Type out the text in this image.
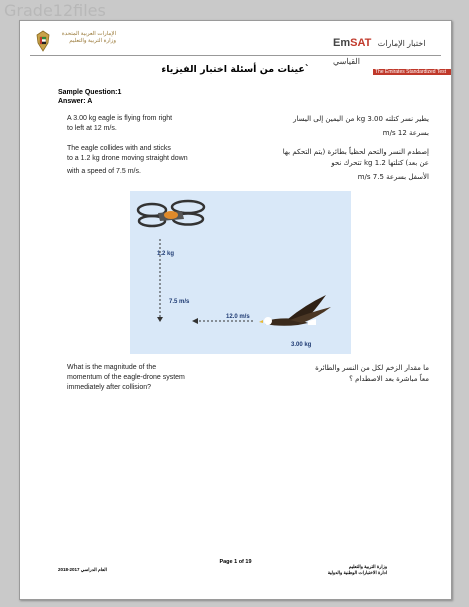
Grade12files
الإمارات العربية المتحدة
وزارة التربية والتعليم	EmSAT اختبار الإمارات القياسي
The Emirates Standardized Test
`عينات من أسئلة اختبار الفيزياء
Sample Question:1
Answer: A
A 3.00 kg eagle is flying from right
to left at 12 m/s.
The eagle collides with and sticks
to a 1.2 kg drone moving straight down
with a speed of 7.5 m/s.
يطير نسر كتلته 3.00 kg من اليمين إلى اليسار
بسرعة 12 m/s
إصطدم النسر والتحم لحظياً بطائرة (يتم التحكم بها
عن بعد) كتلتها 1.2 kg تتحرك نحو
الأسفل بسرعة 7.5 m/s
1.2 kg
7.5 m/s
12.0 m/s
3.00 kg
What is the magnitude of the
momentum of the eagle-drone system
immediately after collision?
ما مقدار الزخم لكل من النسر والطائرة
معاً مباشرة بعد الاصطدام ؟
Page 1 of 19
العام الدراسي 2017-2018
وزارة التربية والتعليم
ادارة الاختبارات الوطنية والدولية
